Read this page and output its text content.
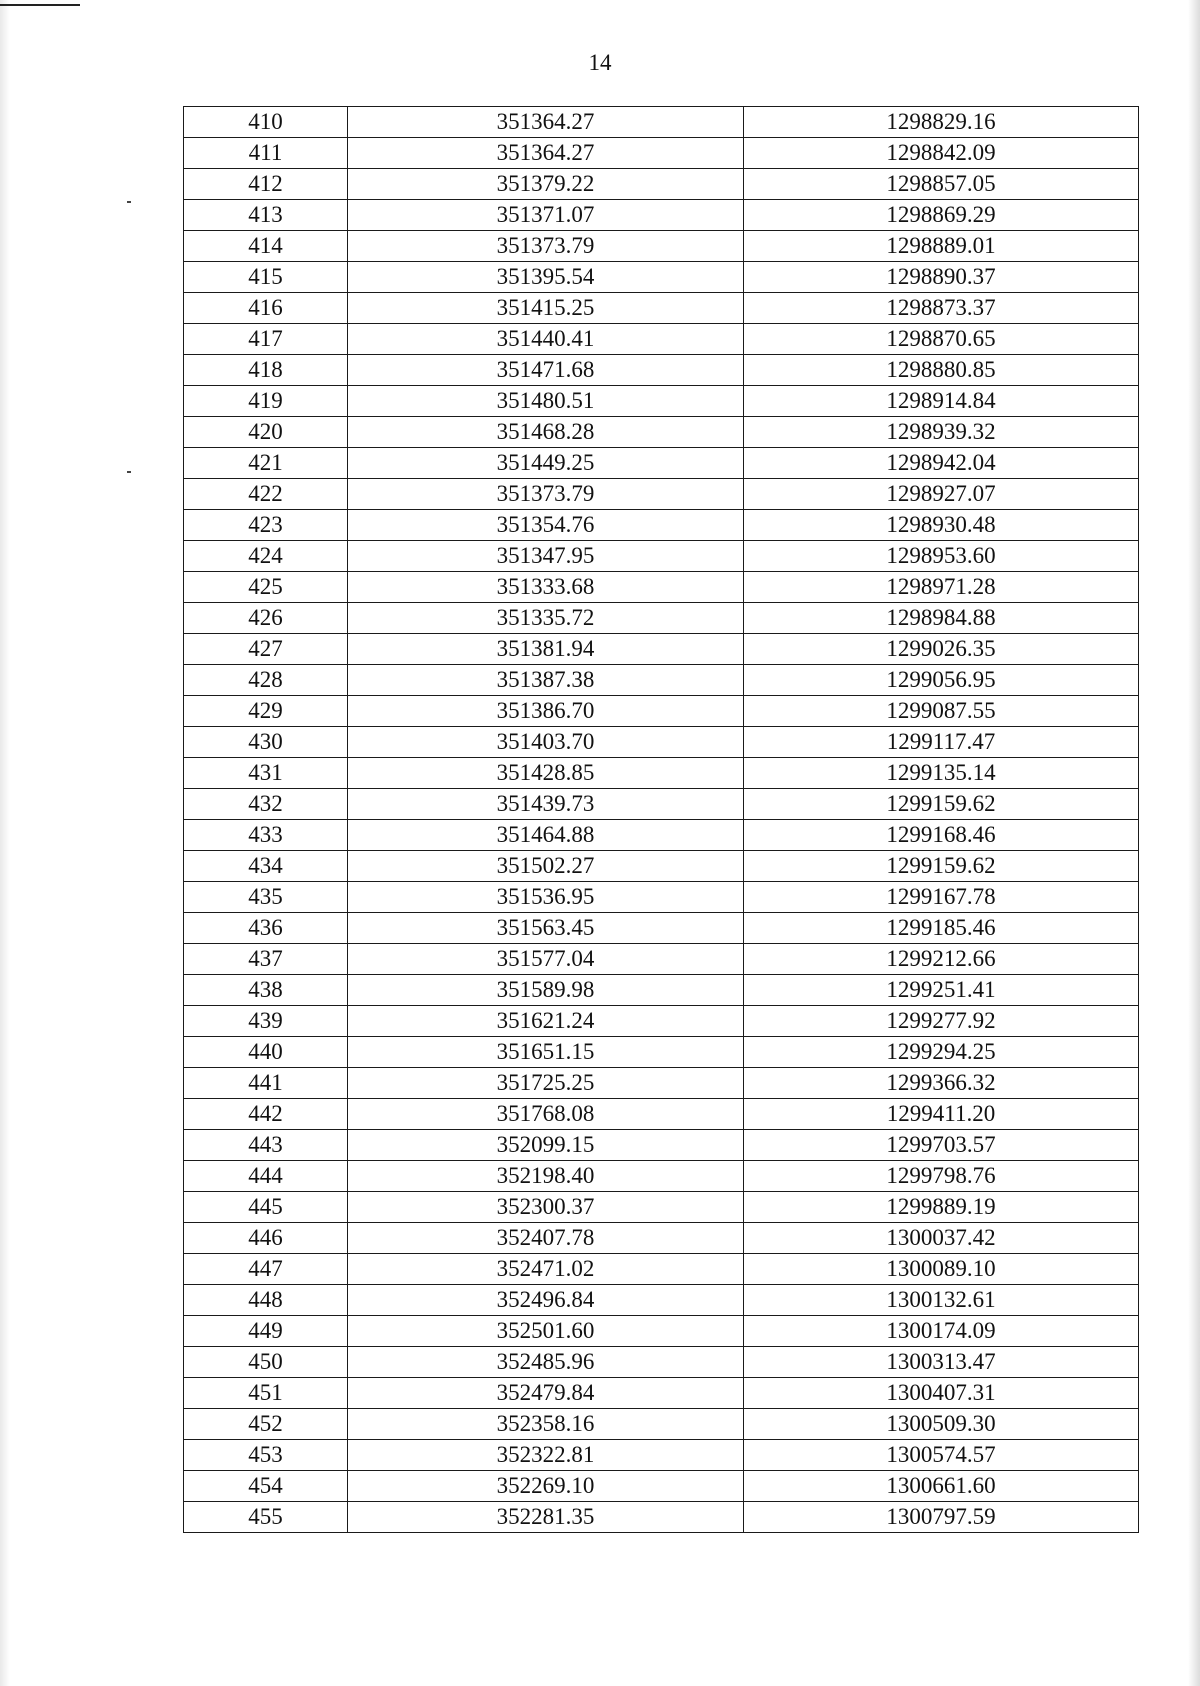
14
410	351364.27	1298829.16
411	351364.27	1298842.09
412	351379.22	1298857.05
413	351371.07	1298869.29
414	351373.79	1298889.01
415	351395.54	1298890.37
416	351415.25	1298873.37
417	351440.41	1298870.65
418	351471.68	1298880.85
419	351480.51	1298914.84
420	351468.28	1298939.32
421	351449.25	1298942.04
422	351373.79	1298927.07
423	351354.76	1298930.48
424	351347.95	1298953.60
425	351333.68	1298971.28
426	351335.72	1298984.88
427	351381.94	1299026.35
428	351387.38	1299056.95
429	351386.70	1299087.55
430	351403.70	1299117.47
431	351428.85	1299135.14
432	351439.73	1299159.62
433	351464.88	1299168.46
434	351502.27	1299159.62
435	351536.95	1299167.78
436	351563.45	1299185.46
437	351577.04	1299212.66
438	351589.98	1299251.41
439	351621.24	1299277.92
440	351651.15	1299294.25
441	351725.25	1299366.32
442	351768.08	1299411.20
443	352099.15	1299703.57
444	352198.40	1299798.76
445	352300.37	1299889.19
446	352407.78	1300037.42
447	352471.02	1300089.10
448	352496.84	1300132.61
449	352501.60	1300174.09
450	352485.96	1300313.47
451	352479.84	1300407.31
452	352358.16	1300509.30
453	352322.81	1300574.57
454	352269.10	1300661.60
455	352281.35	1300797.59
